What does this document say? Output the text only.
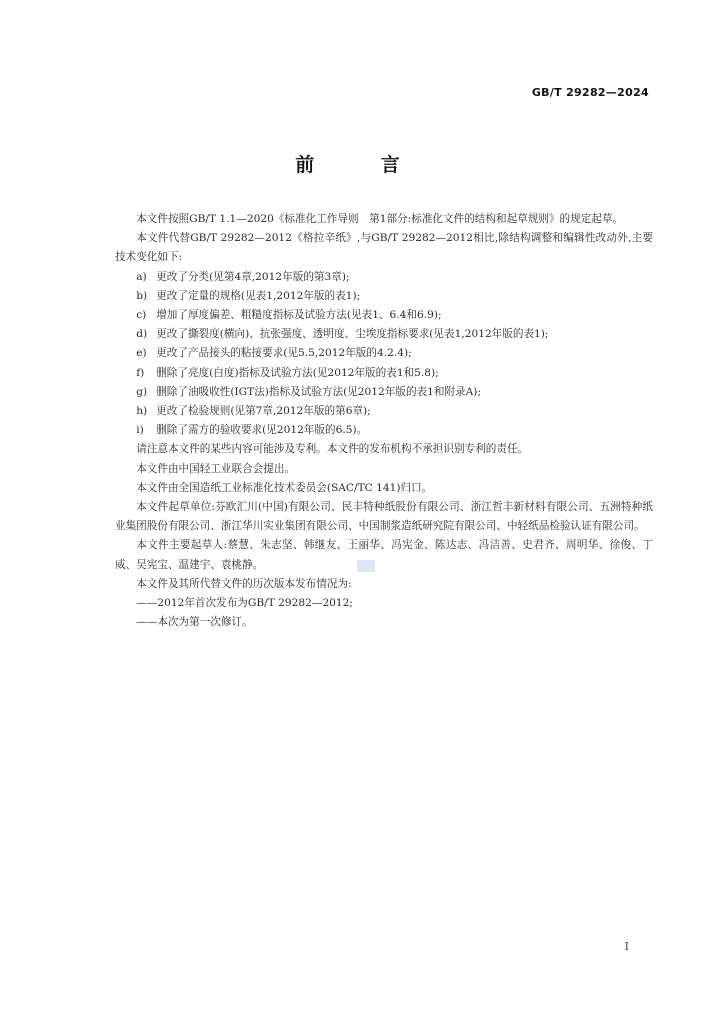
GB/T 29282—2024
前 言

本文件按照GB/T 1.1—2020《标准化工作导则　第1部分:标准化文件的结构和起草规则》的规定起草。

本文件代替GB/T 29282—2012《格拉辛纸》,与GB/T 29282—2012相比,除结构调整和编辑性改动外,主要技术变化如下:

a) 更改了分类(见第4章,2012年版的第3章);
b) 更改了定量的规格(见表1,2012年版的表1);
c) 增加了厚度偏差、粗糙度指标及试验方法(见表1、6.4和6.9);
d) 更改了撕裂度(横向)、抗张强度、透明度、尘埃度指标要求(见表1,2012年版的表1);
e) 更改了产品接头的粘接要求(见5.5,2012年版的4.2.4);
f)	删除了亮度(白度)指标及试验方法(见2012年版的表1和5.8);
g) 删除了油吸收性(IGT法)指标及试验方法(见2012年版的表1和附录A);
h) 更改了检验规则(见第7章,2012年版的第6章);
i)	删除了需方的验收要求(见2012年版的6.5)。

请注意本文件的某些内容可能涉及专利。本文件的发布机构不承担识别专利的责任。

本文件由中国轻工业联合会提出。

本文件由全国造纸工业标准化技术委员会(SAC/TC 141)归口。

本文件起草单位:芬欧汇川(中国)有限公司、民丰特种纸股份有限公司、浙江哲丰新材料有限公司、五洲特种纸业集团股份有限公司、浙江华川实业集团有限公司、中国制浆造纸研究院有限公司、中轻纸品检验认证有限公司。

本文件主要起草人:蔡慧、朱志坚、韩继友、王丽华、冯宪金、陈达志、冯洁善、史君齐、周明华、徐俊、丁威、吴宪宝、温建宇、袁桃静。

本文件及其所代替文件的历次版本发布情况为:

——2012年首次发布为GB/T 29282—2012;

——本次为第一次修订。

I
